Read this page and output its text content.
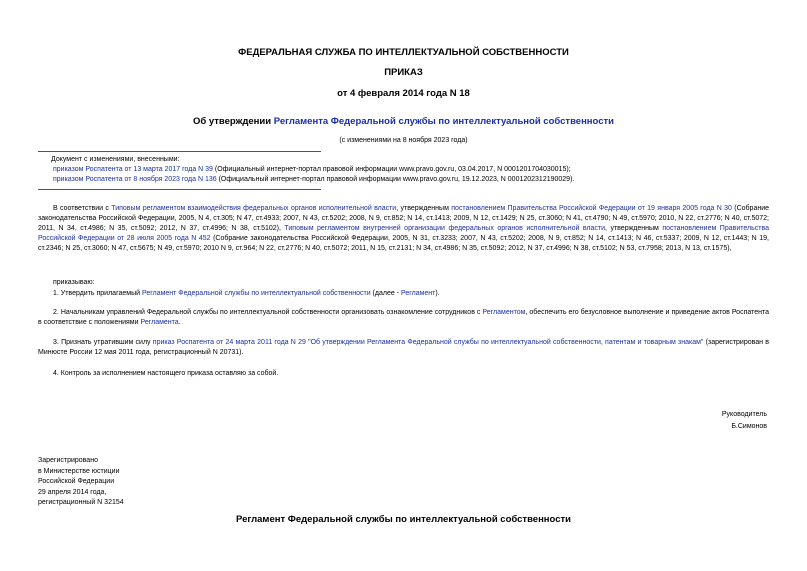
ФЕДЕРАЛЬНАЯ СЛУЖБА ПО ИНТЕЛЛЕКТУАЛЬНОЙ СОБСТВЕННОСТИ
ПРИКАЗ
от 4 февраля 2014 года N 18
Об утверждении Регламента Федеральной службы по интеллектуальной собственности
(с изменениями на 8 ноября 2023 года)
Документ с изменениями, внесенными:
приказом Роспатента от 13 марта 2017 года N 39 (Официальный интернет-портал правовой информации www.pravo.gov.ru, 03.04.2017, N 0001201704030015);
приказом Роспатента от 8 ноября 2023 года N 136 (Официальный интернет-портал правовой информации www.pravo.gov.ru, 19.12.2023, N 0001202312190029).
В соответствии с Типовым регламентом взаимодействия федеральных органов исполнительной власти, утвержденным постановлением Правительства Российской Федерации от 19 января 2005 года N 30 (Собрание законодательства Российской Федерации, 2005, N 4, ст.305; N 47, ст.4933; 2007, N 43, ст.5202; 2008, N 9, ст.852; N 14, ст.1413; 2009, N 12, ст.1429; N 25, ст.3060; N 41, ст.4790; N 49, ст.5970; 2010, N 22, ст.2776; N 40, ст.5072; 2011, N 34, ст.4986; N 35, ст.5092; 2012, N 37, ст.4996; N 38, ст.5102), Типовым регламентом внутренней организации федеральных органов исполнительной власти, утвержденным постановлением Правительства Российской Федерации от 28 июля 2005 года N 452 (Собрание законодательства Российской Федерации, 2005, N 31, ст.3233; 2007, N 43, ст.5202; 2008, N 9, ст.852; N 14, ст.1413; N 46, ст.5337; 2009, N 12, ст.1443; N 19, ст.2346; N 25, ст.3060; N 47, ст.5675; N 49, ст.5970; 2010 N 9, ст.964; N 22, ст.2776; N 40, ст.5072; 2011, N 15, ст.2131; N 34, ст.4986; N 35, ст.5092; 2012, N 37, ст.4996; N 38, ст.5102; N 53, ст.7958; 2013, N 13, ст.1575),
приказываю:
1. Утвердить прилагаемый Регламент Федеральной службы по интеллектуальной собственности (далее - Регламент).
2. Начальникам управлений Федеральной службы по интеллектуальной собственности организовать ознакомление сотрудников с Регламентом, обеспечить его безусловное выполнение и приведение актов Роспатента в соответствие с положениями Регламента.
3. Признать утратившим силу приказ Роспатента от 24 марта 2011 года N 29 "Об утверждении Регламента Федеральной службы по интеллектуальной собственности, патентам и товарным знакам" (зарегистрирован в Минюсте России 12 мая 2011 года, регистрационный N 20731).
4. Контроль за исполнением настоящего приказа оставляю за собой.
Руководитель
Б.Симонов
Зарегистрировано
в Министерстве юстиции
Российской Федерации
29 апреля 2014 года,
регистрационный N 32154
Регламент Федеральной службы по интеллектуальной собственности
